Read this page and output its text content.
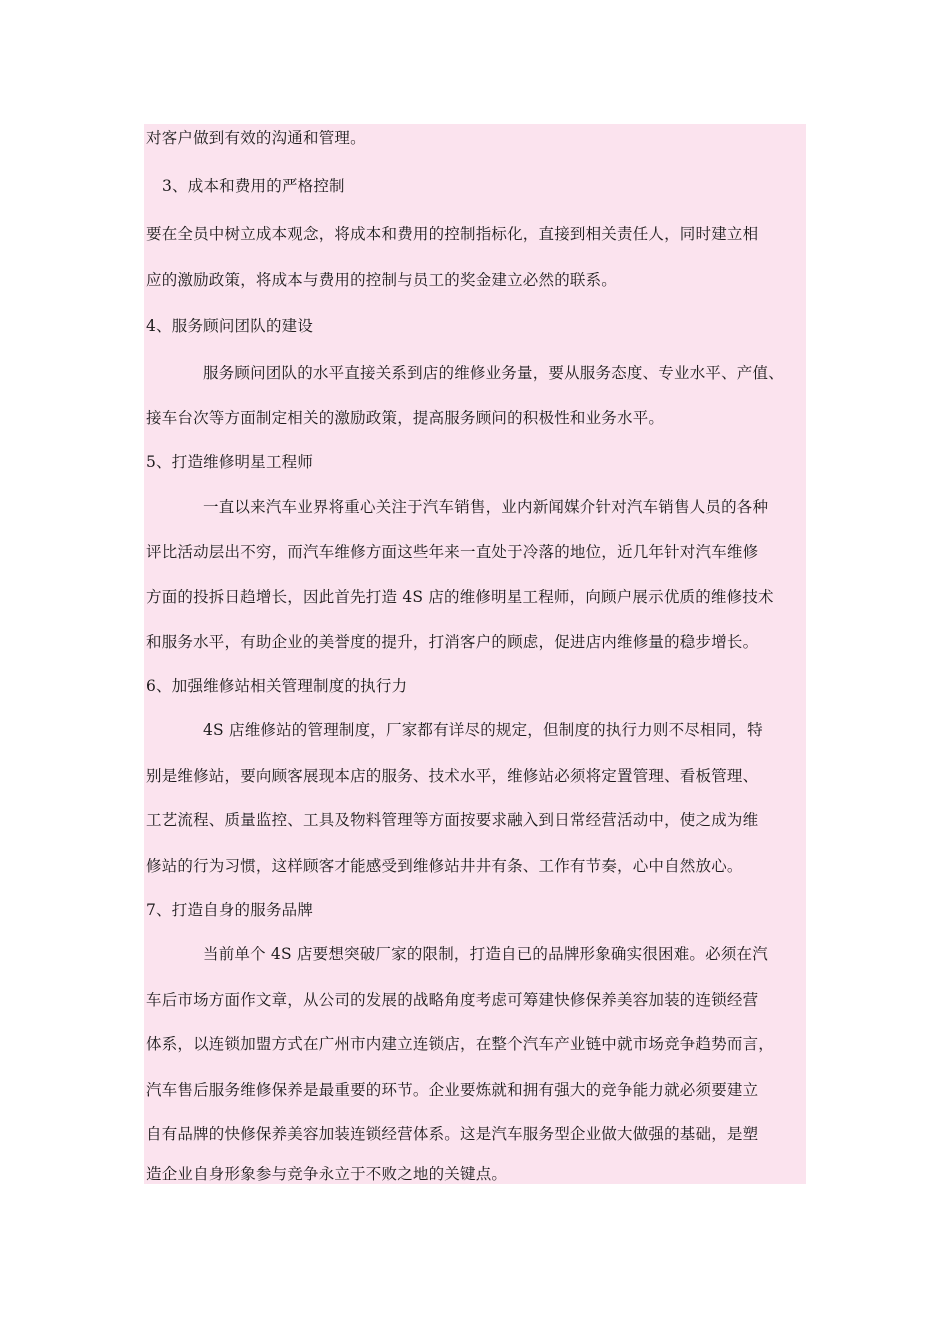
对客户做到有效的沟通和管理。
3、成本和费用的严格控制
要在全员中树立成本观念，将成本和费用的控制指标化，直接到相关责任人，同时建立相
应的激励政策，将成本与费用的控制与员工的奖金建立必然的联系。
4、服务顾问团队的建设
服务顾问团队的水平直接关系到店的维修业务量，要从服务态度、专业水平、产值、
接车台次等方面制定相关的激励政策，提高服务顾问的积极性和业务水平。
5、打造维修明星工程师
一直以来汽车业界将重心关注于汽车销售，业内新闻媒介针对汽车销售人员的各种
评比活动层出不穷，而汽车维修方面这些年来一直处于冷落的地位，近几年针对汽车维修
方面的投拆日趋增长，因此首先打造 4S 店的维修明星工程师，向顾户展示优质的维修技术
和服务水平，有助企业的美誉度的提升，打消客户的顾虑，促进店内维修量的稳步增长。
6、加强维修站相关管理制度的执行力
4S 店维修站的管理制度，厂家都有详尽的规定，但制度的执行力则不尽相同，特
别是维修站，要向顾客展现本店的服务、技术水平，维修站必须将定置管理、看板管理、
工艺流程、质量监控、工具及物料管理等方面按要求融入到日常经营活动中，使之成为维
修站的行为习惯，这样顾客才能感受到维修站井井有条、工作有节奏，心中自然放心。
7、打造自身的服务品牌
当前单个 4S 店要想突破厂家的限制，打造自已的品牌形象确实很困难。必须在汽
车后市场方面作文章，从公司的发展的战略角度考虑可筹建快修保养美容加装的连锁经营
体系，以连锁加盟方式在广州市内建立连锁店，在整个汽车产业链中就市场竞争趋势而言，
汽车售后服务维修保养是最重要的环节。企业要炼就和拥有强大的竞争能力就必须要建立
自有品牌的快修保养美容加装连锁经营体系。这是汽车服务型企业做大做强的基础，是塑
造企业自身形象参与竞争永立于不败之地的关键点。
